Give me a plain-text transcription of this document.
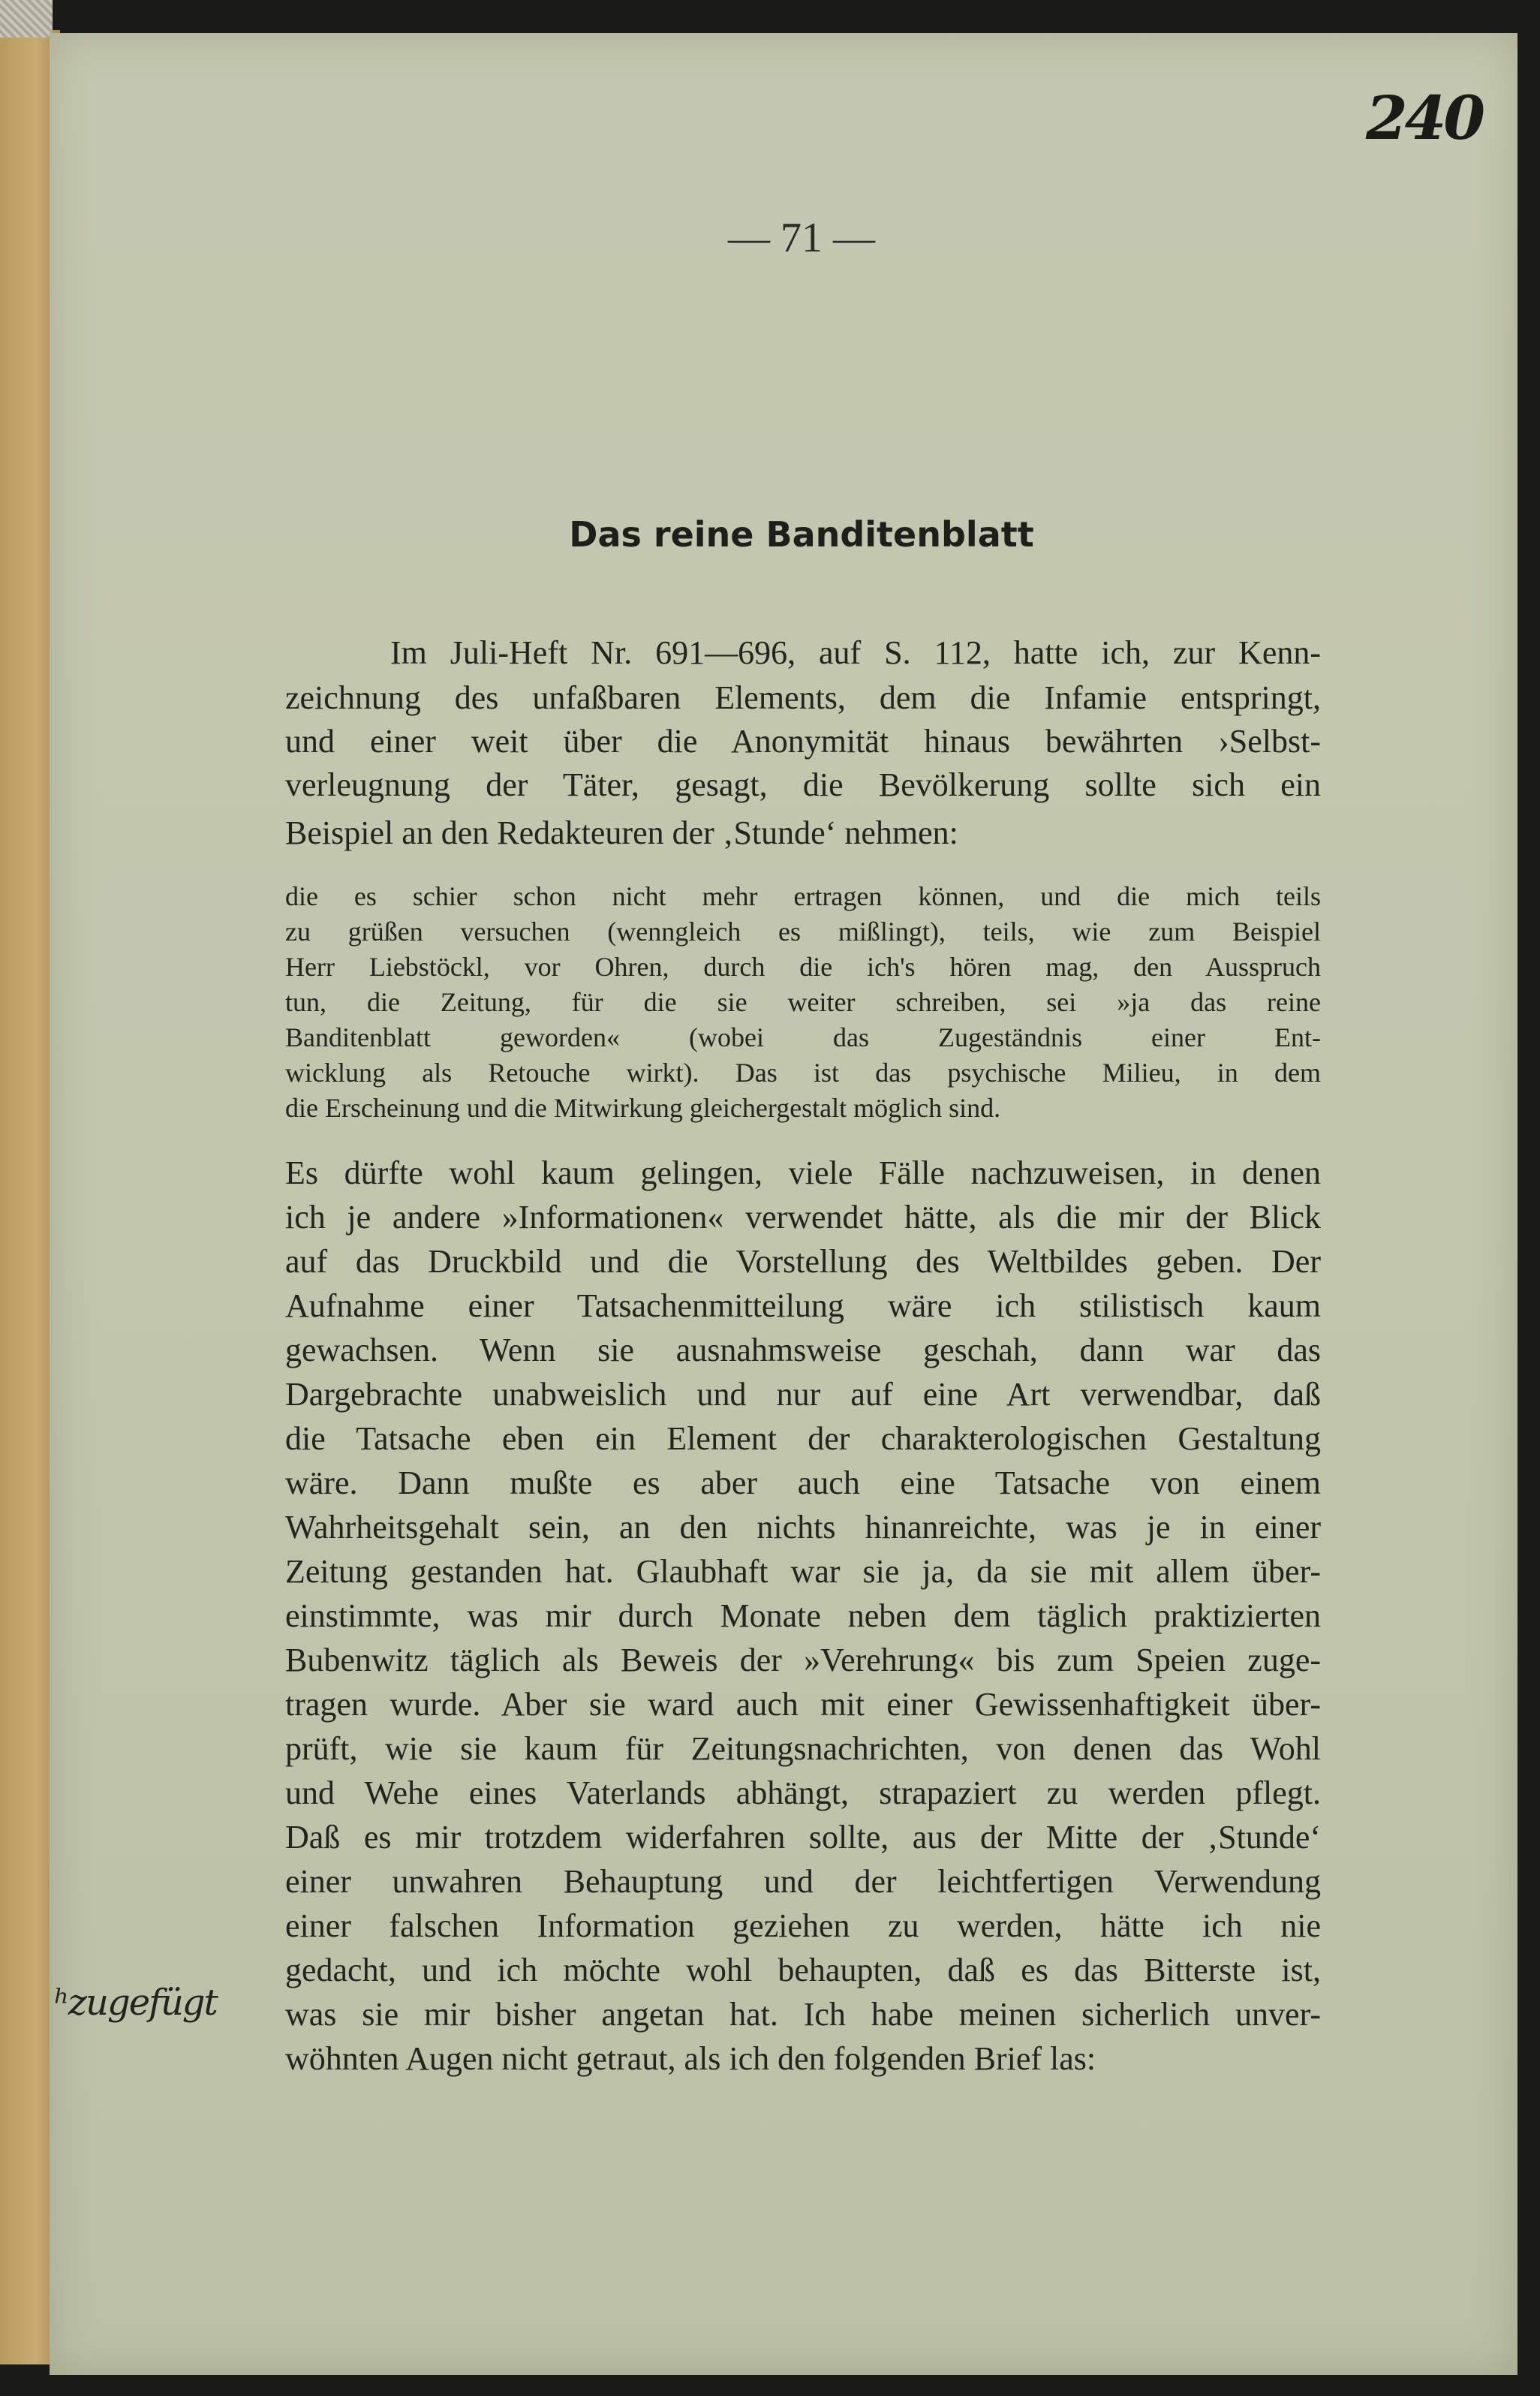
240
— 71 —
Das reine Banditenblatt
Im Juli-Heft Nr. 691—696, auf S. 112, hatte ich, zur Kenn-
zeichnung des unfaßbaren Elements, dem die Infamie entspringt,
und einer weit über die Anonymität hinaus bewährten ›Selbst-
verleugnung der Täter, gesagt, die Bevölkerung sollte sich ein
Beispiel an den Redakteuren der ‚Stunde‘ nehmen:
die es schier schon nicht mehr ertragen können, und die mich teils
zu grüßen versuchen (wenngleich es mißlingt), teils, wie zum Beispiel
Herr Liebstöckl, vor Ohren, durch die ich's hören mag, den Ausspruch
tun, die Zeitung, für die sie weiter schreiben, sei »ja das reine
Banditenblatt geworden« (wobei das Zugeständnis einer Ent-
wicklung als Retouche wirkt). Das ist das psychische Milieu, in dem
die Erscheinung und die Mitwirkung gleichergestalt möglich sind.
Es dürfte wohl kaum gelingen, viele Fälle nachzuweisen, in denen
ich je andere »Informationen« verwendet hätte, als die mir der Blick
auf das Druckbild und die Vorstellung des Weltbildes geben. Der
Aufnahme einer Tatsachenmitteilung wäre ich stilistisch kaum
gewachsen. Wenn sie ausnahmsweise geschah, dann war das
Dargebrachte unabweislich und nur auf eine Art verwendbar, daß
die Tatsache eben ein Element der charakterologischen Gestaltung
wäre. Dann mußte es aber auch eine Tatsache von einem
Wahrheitsgehalt sein, an den nichts hinanreichte, was je in einer
Zeitung gestanden hat. Glaubhaft war sie ja, da sie mit allem über-
einstimmte, was mir durch Monate neben dem täglich praktizierten
Bubenwitz täglich als Beweis der »Verehrung« bis zum Speien zuge-
tragen wurde. Aber sie ward auch mit einer Gewissenhaftigkeit über-
prüft, wie sie kaum für Zeitungsnachrichten, von denen das Wohl
und Wehe eines Vaterlands abhängt, strapaziert zu werden pflegt.
Daß es mir trotzdem widerfahren sollte, aus der Mitte der ‚Stunde‘
einer unwahren Behauptung und der leichtfertigen Verwendung
einer falschen Information geziehen zu werden, hätte ich nie
gedacht, und ich möchte wohl behaupten, daß es das Bitterste ist,
was sie mir bisher angetan hat. Ich habe meinen sicherlich unver-
wöhnten Augen nicht getraut, als ich den folgenden Brief las:
ʰzugefügt
